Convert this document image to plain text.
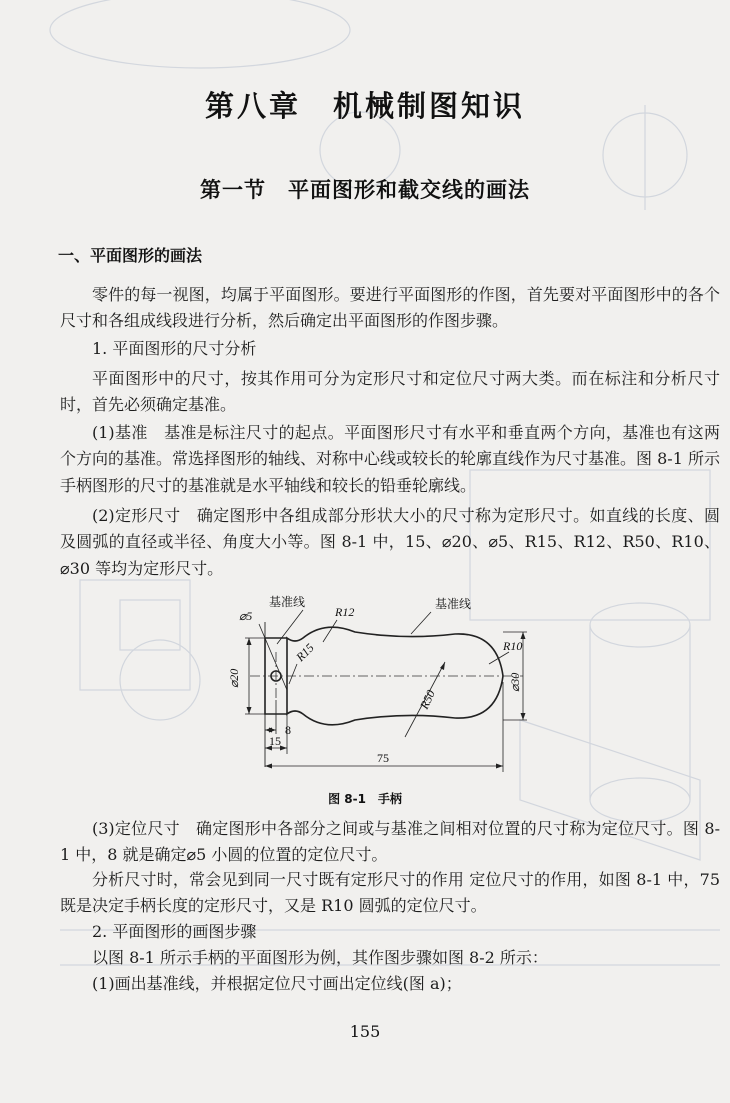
第八章　机械制图知识
第一节　平面图形和截交线的画法
一、平面图形的画法

零件的每一视图，均属于平面图形。要进行平面图形的作图，首先要对平面图形中的各个尺寸和各组成线段进行分析，然后确定出平面图形的作图步骤。

1. 平面图形的尺寸分析

平面图形中的尺寸，按其作用可分为定形尺寸和定位尺寸两大类。而在标注和分析尺寸时，首先必须确定基准。

(1)基准　基准是标注尺寸的起点。平面图形尺寸有水平和垂直两个方向，基准也有这两个方向的基准。常选择图形的轴线、对称中心线或较长的轮廓直线作为尺寸基准。图 8-1 所示手柄图形的尺寸的基准就是水平轴线和较长的铅垂轮廓线。

(2)定形尺寸　确定图形中各组成部分形状大小的尺寸称为定形尺寸。如直线的长度、圆及圆弧的直径或半径、角度大小等。图 8-1 中，15、⌀20、⌀5、R15、R12、R50、R10、⌀30 等均为定形尺寸。

⌀5	R12
R15
⌀20
R50
R10
⌀30
8
15
75
基准线	基准线
图 8-1　手柄

(3)定位尺寸　确定图形中各部分之间或与基准之间相对位置的尺寸称为定位尺寸。图 8-1 中，8 就是确定⌀5 小圆的位置的定位尺寸。

分析尺寸时，常会见到同一尺寸既有定形尺寸的作用 定位尺寸的作用，如图 8-1 中，75 既是决定手柄长度的定形尺寸，又是 R10 圆弧的定位尺寸。

2. 平面图形的画图步骤
以图 8-1 所示手柄的平面图形为例，其作图步骤如图 8-2 所示：
(1)画出基准线，并根据定位尺寸画出定位线(图 a)；
155
